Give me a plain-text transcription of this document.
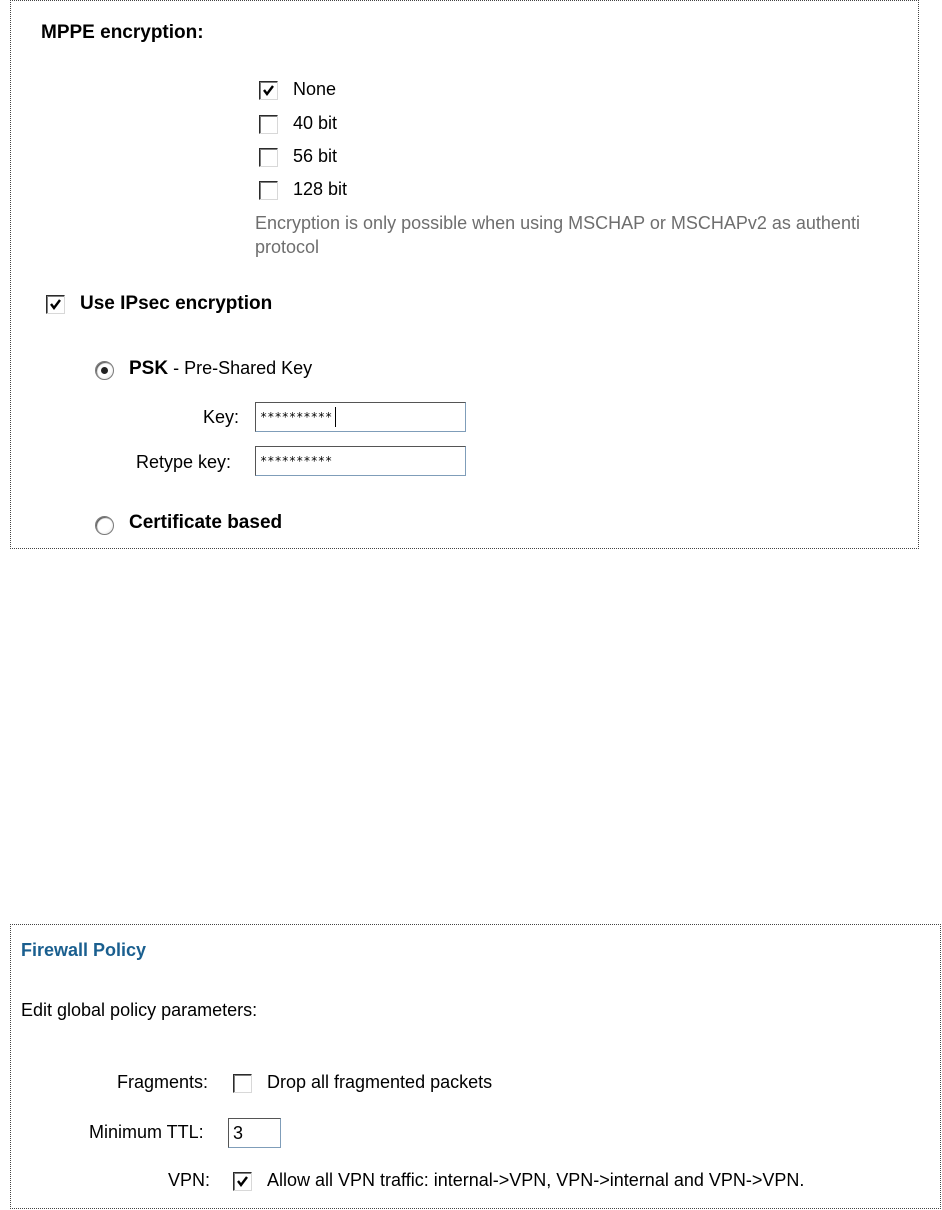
MPPE encryption:
None
40 bit
56 bit
128 bit
Encryption is only possible when using MSCHAP or MSCHAPv2 as authenti
protocol
Use IPsec encryption
PSK - Pre-Shared Key
Key:
**********
Retype key:
**********
Certificate based
Firewall Policy
Edit global policy parameters:
Fragments:	Drop all fragmented packets
Minimum TTL:
3
VPN:	Allow all VPN traffic: internal->VPN, VPN->internal and VPN->VPN.
